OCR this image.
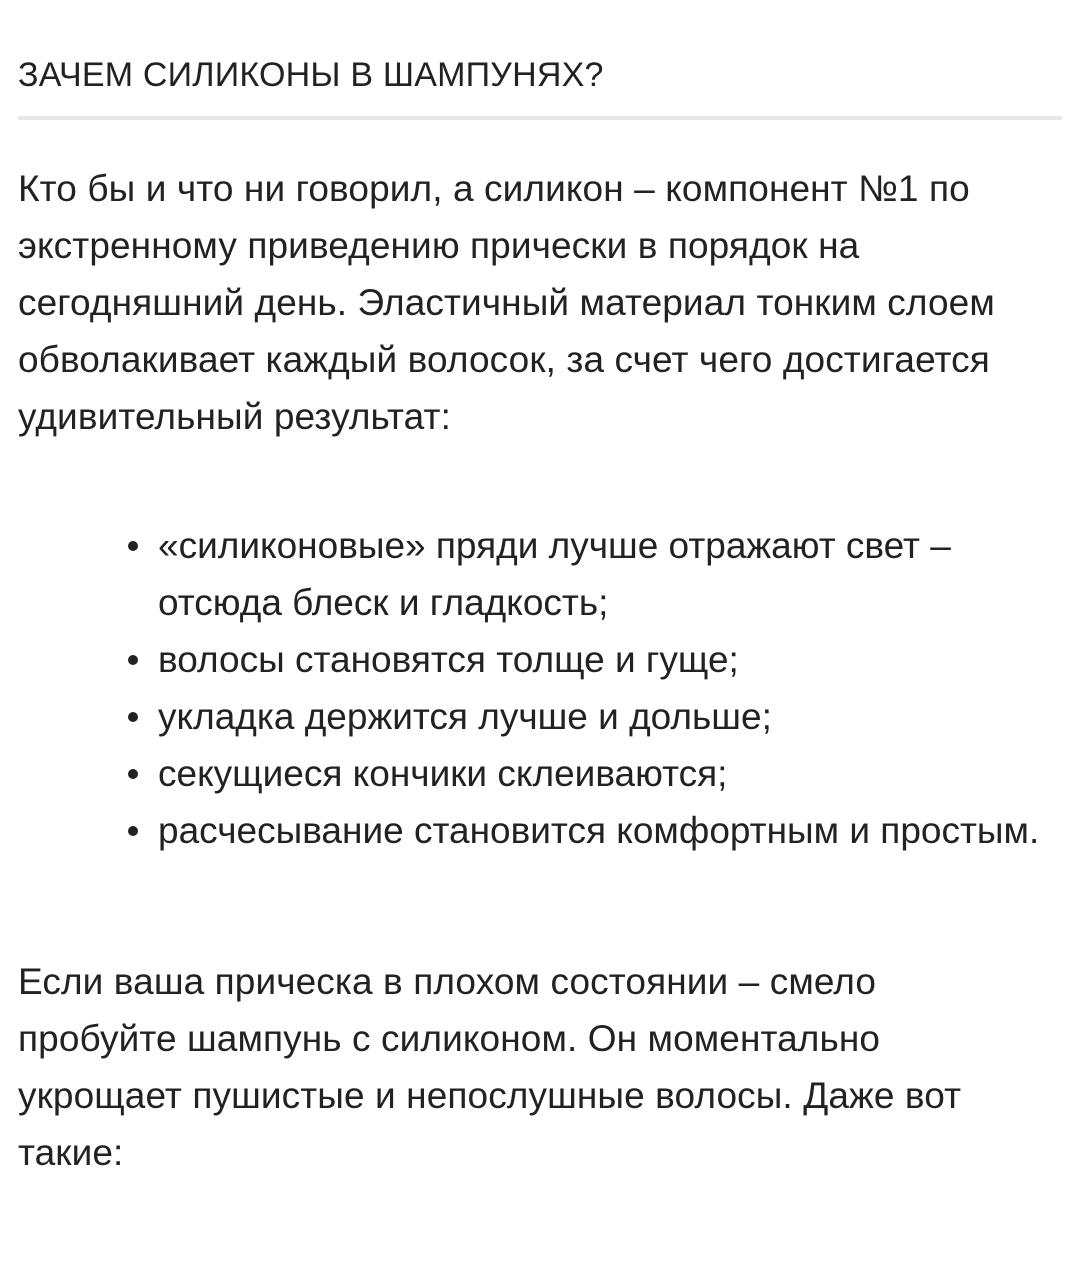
ЗАЧЕМ СИЛИКОНЫ В ШАМПУНЯХ?

Кто бы и что ни говорил, а силикон – компонент №1 по экстренному приведению прически в порядок на сегодняшний день. Эластичный материал тонким слоем обволакивает каждый волосок, за счет чего достигается удивительный результат:

«силиконовые» пряди лучше отражают свет – отсюда блеск и гладкость;
волосы становятся толще и гуще;
укладка держится лучше и дольше;
секущиеся кончики склеиваются;
расчесывание становится комфортным и простым.

Если ваша прическа в плохом состоянии – смело пробуйте шампунь с силиконом. Он моментально укрощает пушистые и непослушные волосы. Даже вот такие:
